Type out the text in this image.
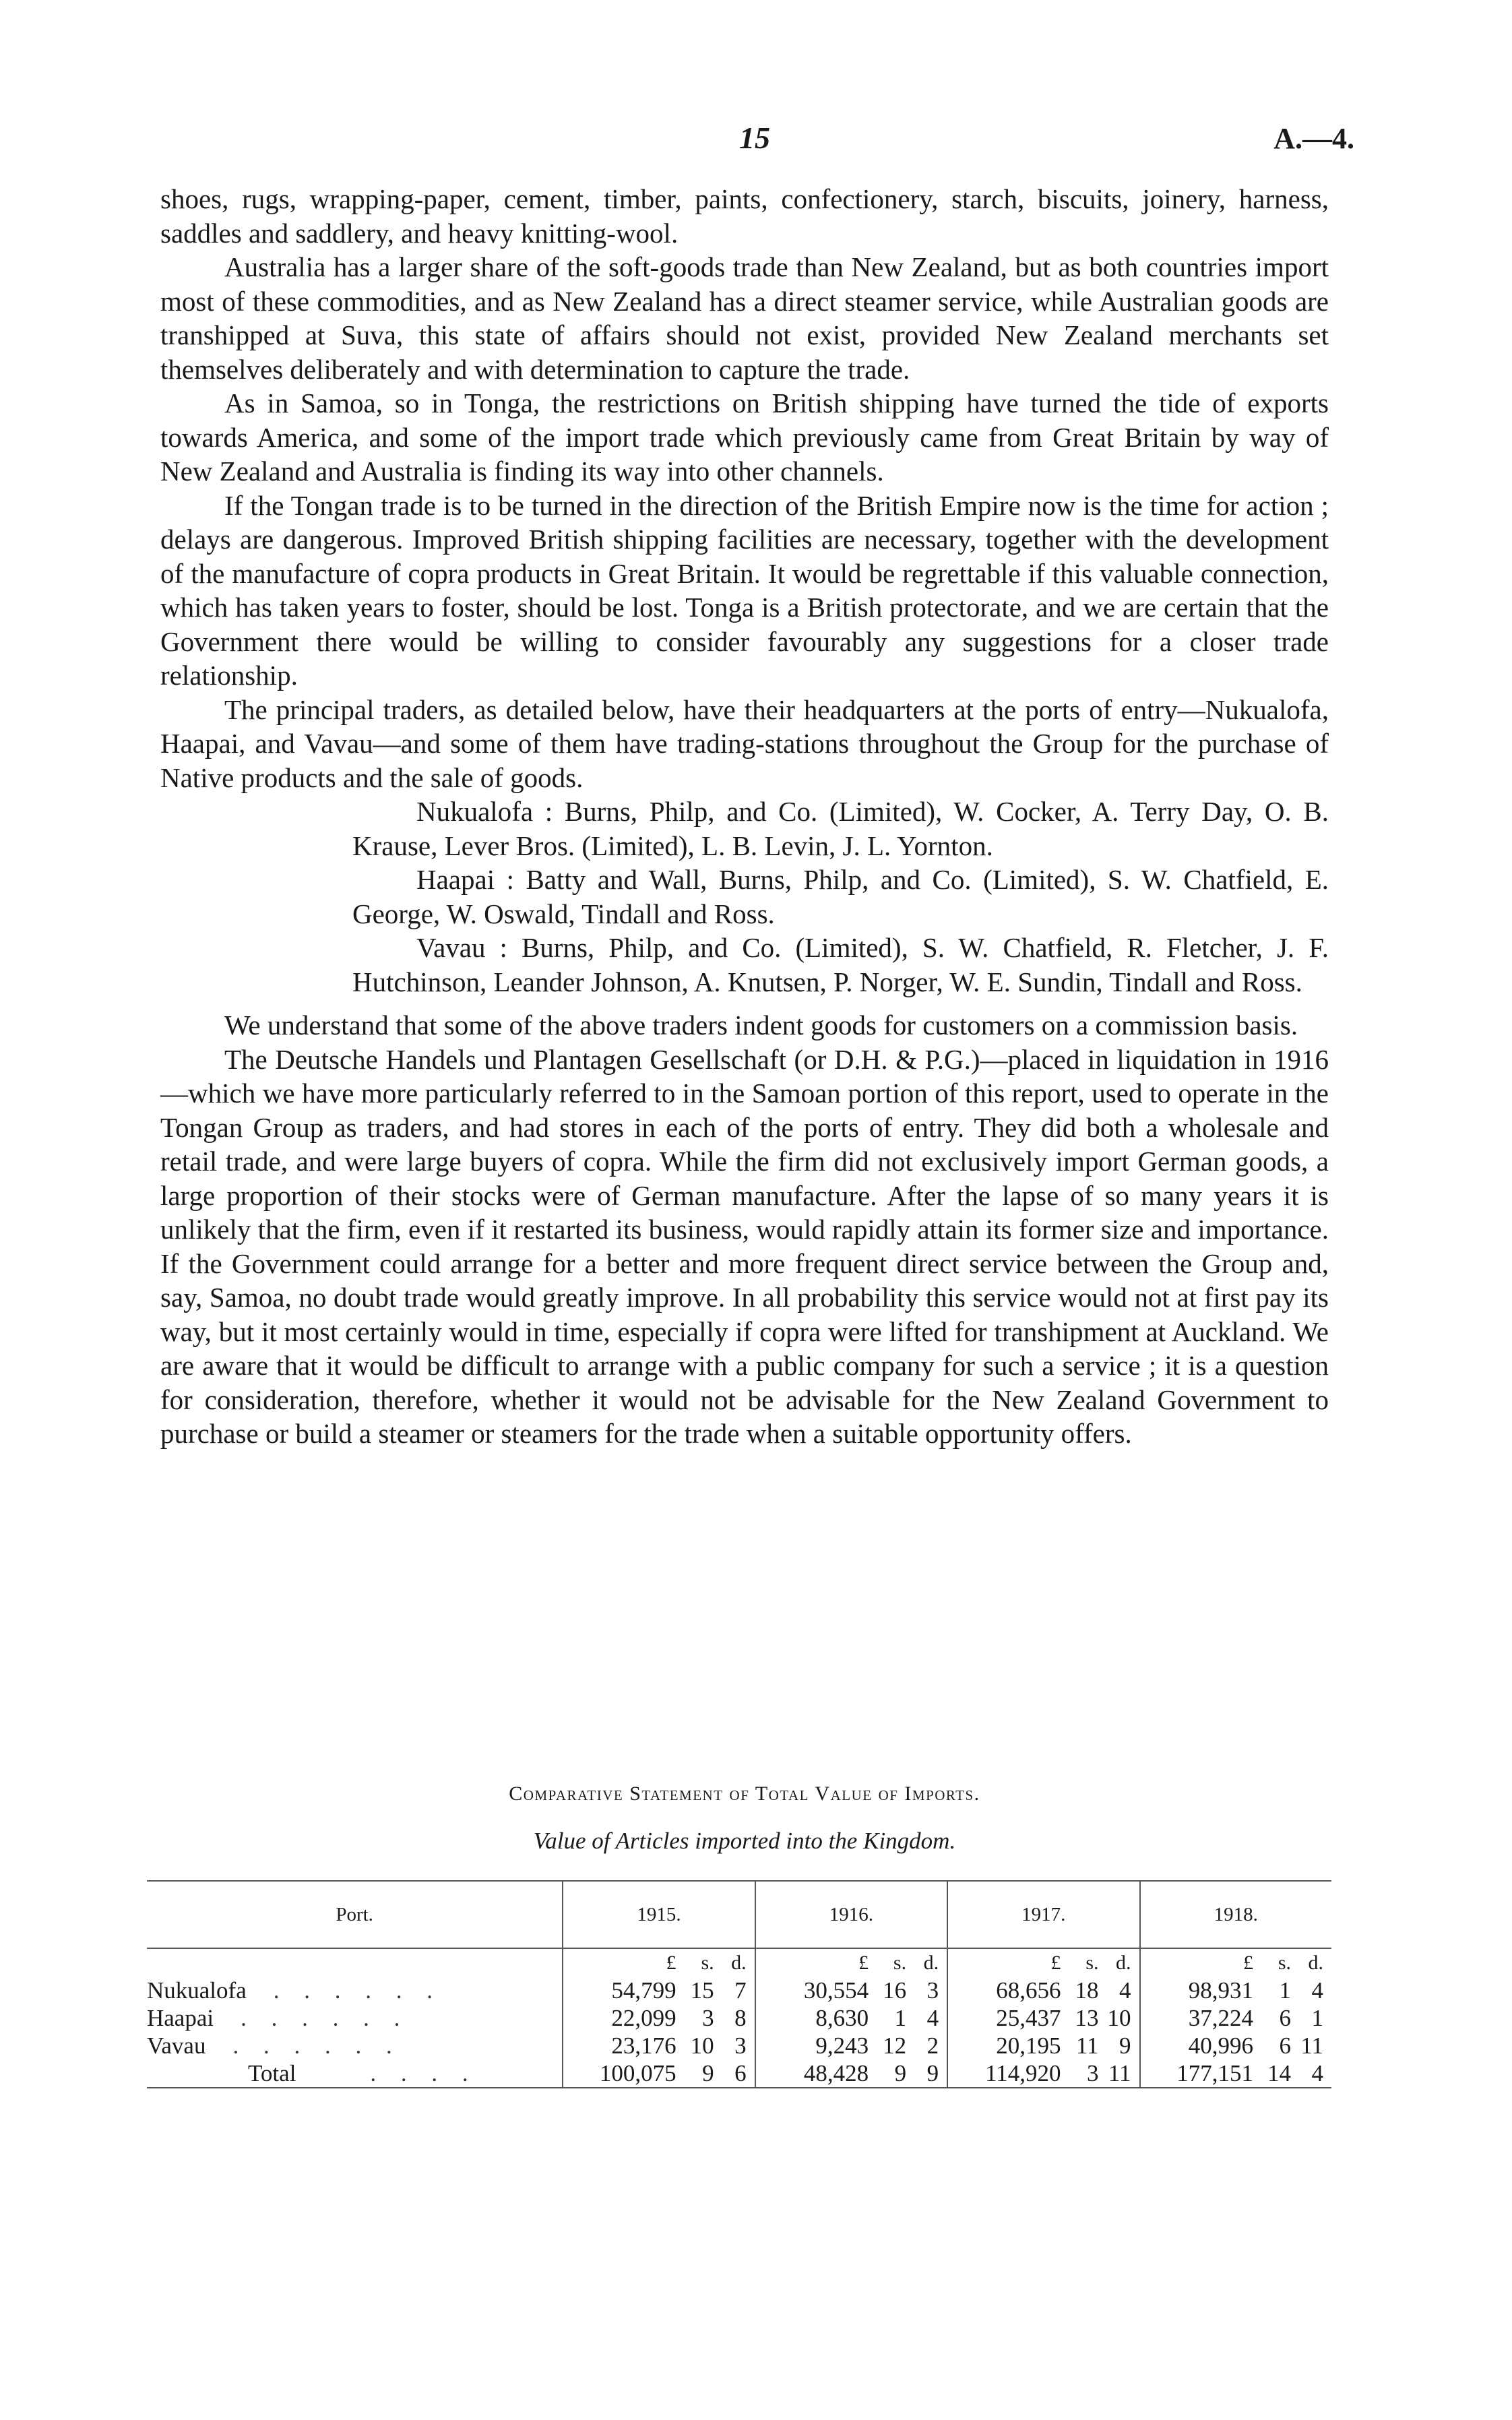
15	A.—4.

shoes, rugs, wrapping-paper, cement, timber, paints, confectionery, starch, biscuits, joinery, harness, saddles and saddlery, and heavy knitting-wool.

Australia has a larger share of the soft-goods trade than New Zealand, but as both countries import most of these commodities, and as New Zealand has a direct steamer service, while Australian goods are transhipped at Suva, this state of affairs should not exist, provided New Zealand merchants set themselves deliberately and with determination to capture the trade.

As in Samoa, so in Tonga, the restrictions on British shipping have turned the tide of exports towards America, and some of the import trade which previously came from Great Britain by way of New Zealand and Australia is finding its way into other channels.

If the Tongan trade is to be turned in the direction of the British Empire now is the time for action ; delays are dangerous. Improved British shipping facilities are necessary, together with the development of the manufacture of copra products in Great Britain. It would be regrettable if this valuable connection, which has taken years to foster, should be lost. Tonga is a British protectorate, and we are certain that the Government there would be willing to consider favourably any suggestions for a closer trade relationship.

The principal traders, as detailed below, have their headquarters at the ports of entry—Nukualofa, Haapai, and Vavau—and some of them have trading-stations throughout the Group for the purchase of Native products and the sale of goods.

Nukualofa : Burns, Philp, and Co. (Limited), W. Cocker, A. Terry Day, O. B. Krause, Lever Bros. (Limited), L. B. Levin, J. L. Yornton.

Haapai : Batty and Wall, Burns, Philp, and Co. (Limited), S. W. Chatfield, E. George, W. Oswald, Tindall and Ross.

Vavau : Burns, Philp, and Co. (Limited), S. W. Chatfield, R. Fletcher, J. F. Hutchinson, Leander Johnson, A. Knutsen, P. Norger, W. E. Sundin, Tindall and Ross.

We understand that some of the above traders indent goods for customers on a commission basis.

The Deutsche Handels und Plantagen Gesellschaft (or D.H. & P.G.)—placed in liquidation in 1916—which we have more particularly referred to in the Samoan portion of this report, used to operate in the Tongan Group as traders, and had stores in each of the ports of entry. They did both a wholesale and retail trade, and were large buyers of copra. While the firm did not exclusively import German goods, a large proportion of their stocks were of German manufacture. After the lapse of so many years it is unlikely that the firm, even if it restarted its business, would rapidly attain its former size and importance. If the Government could arrange for a better and more frequent direct service between the Group and, say, Samoa, no doubt trade would greatly improve. In all probability this service would not at first pay its way, but it most certainly would in time, especially if copra were lifted for transhipment at Auckland. We are aware that it would be difficult to arrange with a public company for such a service ; it is a question for consideration, therefore, whether it would not be advisable for the New Zealand Government to purchase or build a steamer or steamers for the trade when a suitable opportunity offers.

Comparative Statement of Total Value of Imports.
Value of Articles imported into the Kingdom.
Port.	1915.	1916.	1917.	1918.

	£ s. d.	£ s. d.	£ s. d.	£ s. d.

Nukualofa . . . . . .	54,799 15 7	30,554 16 3	68,656 18 4	98,931 1 4

Haapai . . . . . .	22,099 3 8	8,630 1 4	25,437 13 10	37,224 6 1

Vavau . . . . . .	23,176 10 3	9,243 12 2	20,195 11 9	40,996 6 11

Total . . . .	100,075 9 6	48,428 9 9	114,920 3 11	177,151 14 4
